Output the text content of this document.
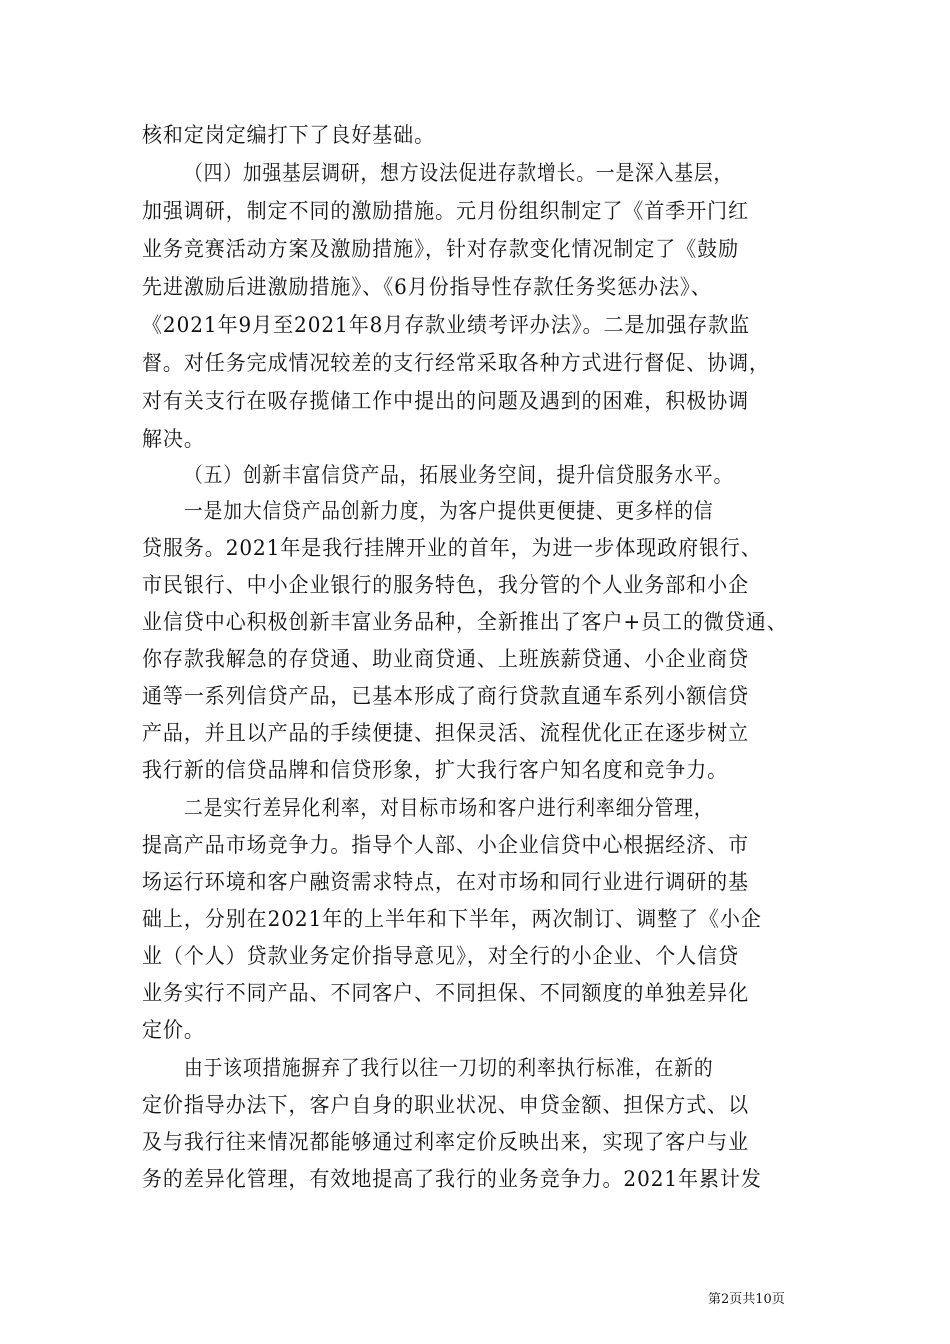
核和定岗定编打下了良好基础。
（四）加强基层调研，想方设法促进存款增长。一是深入基层，
加强调研，制定不同的激励措施。元月份组织制定了《首季开门红
业务竞赛活动方案及激励措施》，针对存款变化情况制定了《鼓励
先进激励后进激励措施》、《6月份指导性存款任务奖惩办法》、
《2021年9月至2021年8月存款业绩考评办法》。二是加强存款监
督。对任务完成情况较差的支行经常采取各种方式进行督促、协调，
对有关支行在吸存揽储工作中提出的问题及遇到的困难，积极协调
解决。
（五）创新丰富信贷产品，拓展业务空间，提升信贷服务水平。
一是加大信贷产品创新力度，为客户提供更便捷、更多样的信
贷服务。2021年是我行挂牌开业的首年，为进一步体现政府银行、
市民银行、中小企业银行的服务特色，我分管的个人业务部和小企
业信贷中心积极创新丰富业务品种，全新推出了客户+员工的微贷通、
你存款我解急的存贷通、助业商贷通、上班族薪贷通、小企业商贷
通等一系列信贷产品，已基本形成了商行贷款直通车系列小额信贷
产品，并且以产品的手续便捷、担保灵活、流程优化正在逐步树立
我行新的信贷品牌和信贷形象，扩大我行客户知名度和竞争力。
二是实行差异化利率，对目标市场和客户进行利率细分管理，
提高产品市场竞争力。指导个人部、小企业信贷中心根据经济、市
场运行环境和客户融资需求特点，在对市场和同行业进行调研的基
础上，分别在2021年的上半年和下半年，两次制订、调整了《小企
业（个人）贷款业务定价指导意见》，对全行的小企业、个人信贷
业务实行不同产品、不同客户、不同担保、不同额度的单独差异化
定价。
由于该项措施摒弃了我行以往一刀切的利率执行标准，在新的
定价指导办法下，客户自身的职业状况、申贷金额、担保方式、以
及与我行往来情况都能够通过利率定价反映出来，实现了客户与业
务的差异化管理，有效地提高了我行的业务竞争力。2021年累计发
第2页共10页
